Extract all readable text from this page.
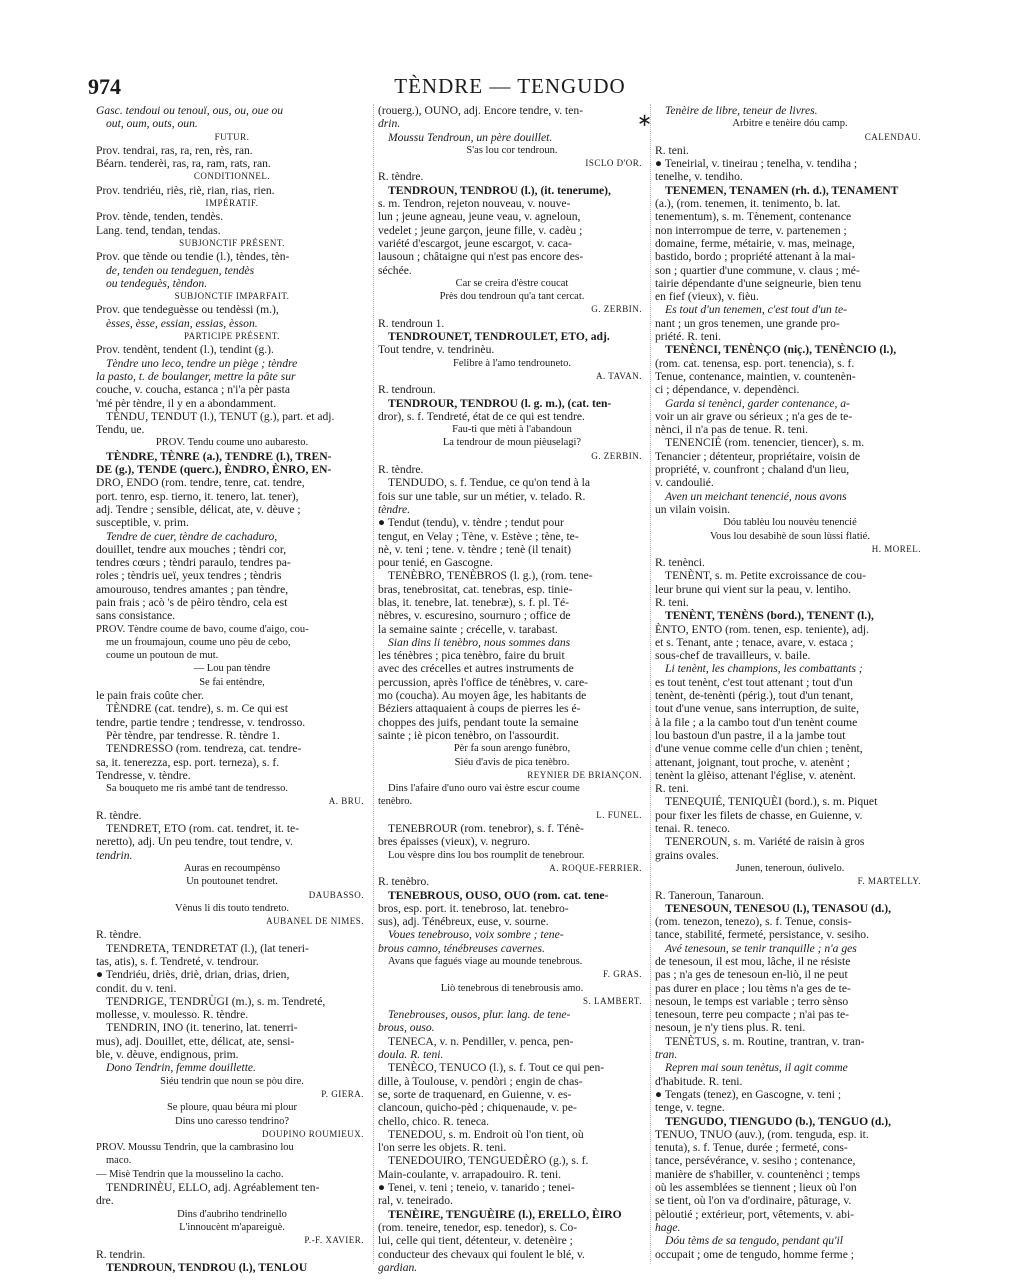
974	TÈNDRE — TENGUDO
∗
Gasc. tendoui ou tenouï, ous, ou, oue ou
out, oum, outs, oun.
FUTUR.
Prov. tendrai, ras, ra, ren, rès, ran.
Béarn. tenderèi, ras, ra, ram, rats, ran.
CONDITIONNEL.
Prov. tendriéu, riès, riè, rian, rias, rien.
IMPÉRATIF.
Prov. tènde, tenden, tendès.
Lang. tend, tendan, tendas.
SUBJONCTIF PRÉSENT.
Prov. que tènde ou tendie (l.), tèndes, tèn-
de, tenden ou tendeguen, tendès
ou tendeguès, tèndon.
SUBJONCTIF IMPARFAIT.
Prov. que tendeguèsse ou tendèssi (m.),
èsses, èsse, essian, essias, èsson.
PARTICIPE PRÉSENT.
Prov. tendènt, tendent (l.), tendint (g.).
Tèndre uno leco, tendre un piège ; tèndre
la pasto, t. de boulanger, mettre la pâte sur
couche, v. coucha, estanca ; n'i'a pèr pasta
'mé pèr tèndre, il y en a abondamment.
TÈNDU, TENDUT (l.), TENUT (g.), part. et adj.
Tendu, ue.
PROV. Tendu coume uno aubaresto.
TÈNDRE, TÈNRE (a.), TENDRE (l.), TREN-
DE (g.), TENDE (querc.), ÈNDRO, ÈNRO, EN-
DRO, ENDO (rom. tendre, tenre, cat. tendre,
port. tenro, esp. tierno, it. tenero, lat. tener),
adj. Tendre ; sensible, délicat, ate, v. dèuve ;
susceptible, v. prim.
Tendre de cuer, tèndre de cachaduro,
douillet, tendre aux mouches ; tèndri cor,
tendres cœurs ; tèndri paraulo, tendres pa-
roles ; tèndris ueï, yeux tendres ; tèndris
amourouso, tendres amantes ; pan tèndre,
pain frais ; acò 's de pèiro tèndro, cela est
sans consistance.
PROV. Tèndre coume de bavo, coume d'aigo, cou-
me un froumajoun, coume uno pèu de cebo,
coume un poutoun de mut.
— Lou pan tèndre
Se fai entèndre,
le pain frais coûte cher.
TÈNDRE (cat. tendre), s. m. Ce qui est
tendre, partie tendre ; tendresse, v. tendrosso.
Pèr tèndre, par tendresse. R. tèndre 1.
TENDRESSO (rom. tendreza, cat. tendre-
sa, it. tenerezza, esp. port. terneza), s. f.
Tendresse, v. tèndre.
Sa bouqueto me ris ambé tant de tendresso.
A. BRU.
R. tèndre.
TENDRET, ETO (rom. cat. tendret, it. te-
neretto), adj. Un peu tendre, tout tendre, v.
tendrin.
Auras en recoumpènso
Un poutounet tendret.
DAUBASSO.
Vènus li dis touto tendreto.
AUBANEL DE NIMES.
R. tèndre.
TENDRETA, TENDRETAT (l.), (lat teneri-
tas, atis), s. f. Tendreté, v. tendrour.
● Tendriéu, driès, driè, drian, drias, drien,
condit. du v. teni.
TENDRIGE, TENDRÙGI (m.), s. m. Tendreté,
mollesse, v. moulesso. R. tèndre.
TENDRIN, INO (it. tenerino, lat. tenerri-
mus), adj. Douillet, ette, délicat, ate, sensi-
ble, v. dèuve, endignous, prim.
Dono Tendrin, femme douillette.
Siéu tendrin que noun se pòu dire.
P. GIERA.
Se ploure, quau béura mi plour
Dins uno caresso tendrino?
DOUPINO ROUMIEUX.
PROV. Moussu Tendrin, que la cambrasino lou
maco.
— Misè Tendrin que la mousselino la cacho.
TENDRINÈU, ELLO, adj. Agréablement ten-
dre.
Dins d'aubriho tendrinello
L'innoucènt m'apareiguè.
P.-F. XAVIER.
R. tendrin.
TENDROUN, TENDROU (l.), TENLOU
(rouerg.), OUNO, adj. Encore tendre, v. ten-
drin.
Moussu Tendroun, un père douillet.
S'as lou cor tendroun.
ISCLO D'OR.
R. tèndre.
TENDROUN, TENDROU (l.), (it. tenerume),
s. m. Tendron, rejeton nouveau, v. nouve-
lun ; jeune agneau, jeune veau, v. agneloun,
vedelet ; jeune garçon, jeune fille, v. cadèu ;
variété d'escargot, jeune escargot, v. caca-
lausoun ; châtaigne qui n'est pas encore des-
séchée.
Car se creira d'èstre coucat
Près dou tendroun qu'a tant cercat.
G. ZERBIN.
R. tendroun 1.
TENDROUNET, TENDROULET, ETO, adj.
Tout tendre, v. tendrinèu.
Felibre à l'amo tendrouneto.
A. TAVAN.
R. tendroun.
TENDROUR, TENDROU (l. g. m.), (cat. ten-
dror), s. f. Tendreté, état de ce qui est tendre.
Fau-ti que mèti à l'abandoun
La tendrour de moun pièuselagi?
G. ZERBIN.
R. tèndre.
TENDUDO, s. f. Tendue, ce qu'on tend à la
fois sur une table, sur un métier, v. telado. R.
tèndre.
● Tendut (tendu), v. tèndre ; tendut pour
tengut, en Velay ; Tène, v. Estève ; tène, te-
nè, v. teni ; tene. v. tèndre ; tenè (il tenait)
pour tenié, en Gascogne.
TENÈBRO, TENÈBROS (l. g.), (rom. tene-
bras, tenebrositat, cat. tenebras, esp. tinie-
blas, it. tenebre, lat. tenebræ), s. f. pl. Té-
nèbres, v. escuresino, sournuro ; office de
la semaine sainte ; crécelle, v. tarabast.
Sian dins li tenèbro, nous sommes dans
les ténèbres ; pica tenèbro, faire du bruit
avec des crécelles et autres instruments de
percussion, après l'office de ténèbres, v. care-
mo (coucha). Au moyen âge, les habitants de
Béziers attaquaient à coups de pierres les é-
choppes des juifs, pendant toute la semaine
sainte ; iè picon tenèbro, on l'assourdit.
Pèr fa soun arengo funèbro,
Siéu d'avis de pica tenèbro.
REYNIER DE BRIANÇON.
Dins l'afaire d'uno ouro vai èstre escur coume
tenèbro.
L. FUNEL.
TENEBROUR (rom. tenebror), s. f. Ténè-
bres épaisses (vieux), v. negruro.
Lou vèspre dins lou bos roumplit de tenebrour.
A. ROQUE-FERRIER.
R. tenèbro.
TENEBROUS, OUSO, OUO (rom. cat. tene-
bros, esp. port. it. tenebroso, lat. tenebro-
sus), adj. Ténébreux, euse, v. sourne.
Voues tenebrouso, voix sombre ; tene-
brous camno, ténébreuses cavernes.
Avans que fagués viage au mounde tenebrous.
F. GRAS.
Liò tenebrous di tenebrousis amo.
S. LAMBERT.
Tenebrouses, ousos, plur. lang. de tene-
brous, ouso.
TENECA, v. n. Pendiller, v. penca, pen-
doula. R. teni.
TENÈCO, TENUCO (l.), s. f. Tout ce qui pen-
dille, à Toulouse, v. pendòri ; engin de chas-
se, sorte de traquenard, en Guienne, v. es-
clancoun, quicho-pèd ; chiquenaude, v. pe-
chello, chico. R. teneca.
TENEDOU, s. m. Endroit où l'on tient, où
l'on serre les objets. R. teni.
TENEDOUIRO, TENGUEDÈRO (g.), s. f.
Main-coulante, v. arrapadouiro. R. teni.
● Tenei, v. teni ; teneio, v. tanarido ; tenei-
ral, v. teneirado.
TENÈIRE, TENGUÈIRE (l.), ERELLO, ÈIRO
(rom. teneire, tenedor, esp. tenedor), s. Co-
lui, celle qui tient, détenteur, v. detenèire ;
conducteur des chevaux qui foulent le blé, v.
gardian.
Tenèire de libre, teneur de livres.
Arbitre e tenèire dóu camp.
CALENDAU.
R. teni.
● Teneirial, v. tineirau ; tenelha, v. tendiha ;
tenelhe, v. tendiho.
TENEMEN, TENAMEN (rh. d.), TENAMENT
(a.), (rom. tenemen, it. tenimento, b. lat.
tenementum), s. m. Tènement, contenance
non interrompue de terre, v. partenemen ;
domaine, ferme, métairie, v. mas, meinage,
bastido, bordo ; propriété attenant à la mai-
son ; quartier d'une commune, v. claus ; mé-
tairie dépendante d'une seigneurie, bien tenu
en fief (vieux), v. fièu.
Es tout d'un tenemen, c'est tout d'un te-
nant ; un gros tenemen, une grande pro-
priété. R. teni.
TENÈNCI, TENÈNÇO (niç.), TENÈNCIO (l.),
(rom. cat. tenensa, esp. port. tenencia), s. f.
Tenue, contenance, maintien, v. countenèn-
ci ; dépendance, v. dependènci.
Garda si tenènci, garder contenance, a-
voir un air grave ou sérieux ; n'a ges de te-
nènci, il n'a pas de tenue. R. teni.
TENENCIÉ (rom. tenencier, tiencer), s. m.
Tenancier ; détenteur, propriétaire, voisin de
propriété, v. counfront ; chaland d'un lieu,
v. candoulié.
Aven un meichant tenencié, nous avons
un vilain voisin.
Dóu tablèu lou nouvèu tenencié
Vous lou desabihè de soun lùssi flatié.
H. MOREL.
R. tenènci.
TENÈNT, s. m. Petite excroissance de cou-
leur brune qui vient sur la peau, v. lentiho.
R. teni.
TENÈNT, TENÈNS (bord.), TENENT (l.),
ÈNTO, ENTO (rom. tenen, esp. teniente), adj.
et s. Tenant, ante ; tenace, avare, v. estaca ;
sous-chef de travailleurs, v. baile.
Li tenènt, les champions, les combattants ;
es tout tenènt, c'est tout attenant ; tout d'un
tenènt, de-tenènti (périg.), tout d'un tenant,
tout d'une venue, sans interruption, de suite,
à la file ; a la cambo tout d'un tenènt coume
lou bastoun d'un pastre, il a la jambe tout
d'une venue comme celle d'un chien ; tenènt,
attenant, joignant, tout proche, v. atenènt ;
tenènt la glèiso, attenant l'église, v. atenènt.
R. teni.
TENEQUIÉ, TENIQUÈI (bord.), s. m. Piquet
pour fixer les filets de chasse, en Guienne, v.
tenai. R. teneco.
TENEROUN, s. m. Variété de raisin à gros
grains ovales.
Junen, teneroun, óulivelo.
F. MARTELLY.
R. Taneroun, Tanaroun.
TENESOUN, TENESOU (l.), TENASOU (d.),
(rom. tenezon, tenezo), s. f. Tenue, consis-
tance, stabilité, fermeté, persistance, v. sesiho.
Avé tenesoun, se tenir tranquille ; n'a ges
de tenesoun, il est mou, lâche, il ne résiste
pas ; n'a ges de tenesoun en-liò, il ne peut
pas durer en place ; lou tèms n'a ges de te-
nesoun, le temps est variable ; terro sènso
tenesoun, terre peu compacte ; n'ai pas te-
nesoun, je n'y tiens plus. R. teni.
TENÈTUS, s. m. Routine, trantran, v. tran-
tran.
Repren mai soun tenètus, il agit comme
d'habitude. R. teni.
● Tengats (tenez), en Gascogne, v. teni ;
tenge, v. tegne.
TENGUDO, TIENGUDO (b.), TENGUO (d.),
TENUO, TNUO (auv.), (rom. tenguda, esp. it.
tenuta), s. f. Tenue, durée ; fermeté, cons-
tance, persévérance, v. sesiho ; contenance,
manière de s'habiller, v. countenènci ; temps
où les assemblées se tiennent ; lieux où l'on
se tient, où l'on va d'ordinaire, pâturage, v.
pèloutié ; extérieur, port, vêtements, v. abi-
hage.
Dóu tèms de sa tengudo, pendant qu'il
occupait ; ome de tengudo, homme ferme ;
